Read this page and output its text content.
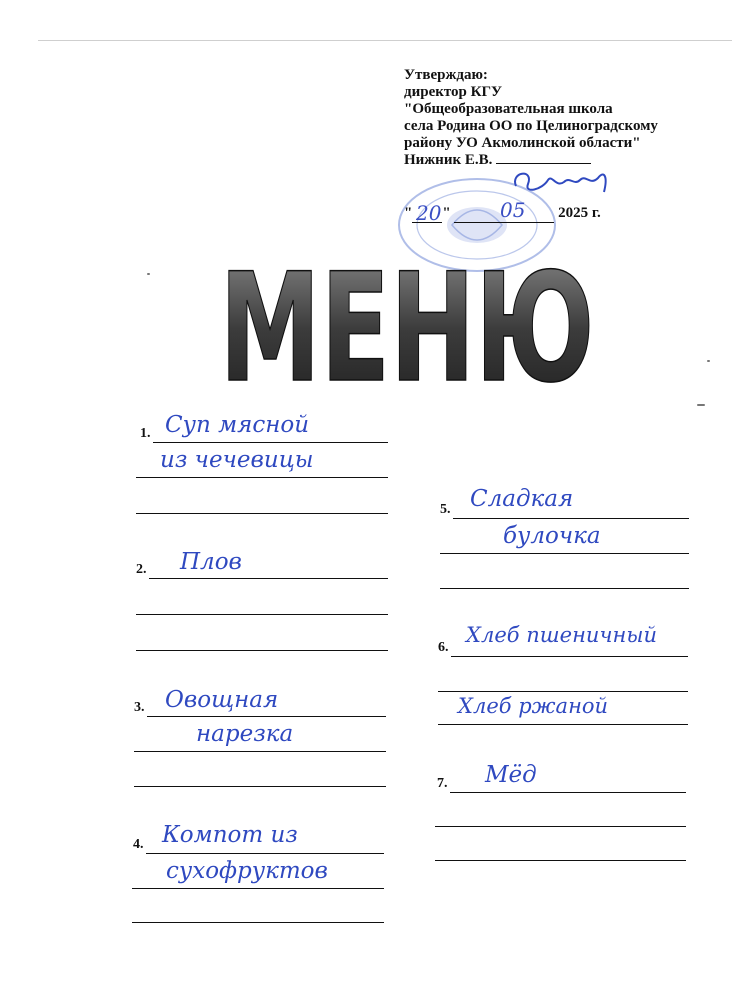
Утверждаю:
директор КГУ
"Общеобразовательная школа
села Родина ОО по Целиноградскому
району УО Акмолинской области"
Нижник Е.В.
" "	2025 г.
20	05
МЕНЮ
1. Суп мясной
из чечевицы
2. Плов
3. Овощная
нарезка
4. Компот из
сухофруктов
5. Сладкая
булочка
6.
Хлеб пшеничный
Хлеб ржаной
7. Мёд
